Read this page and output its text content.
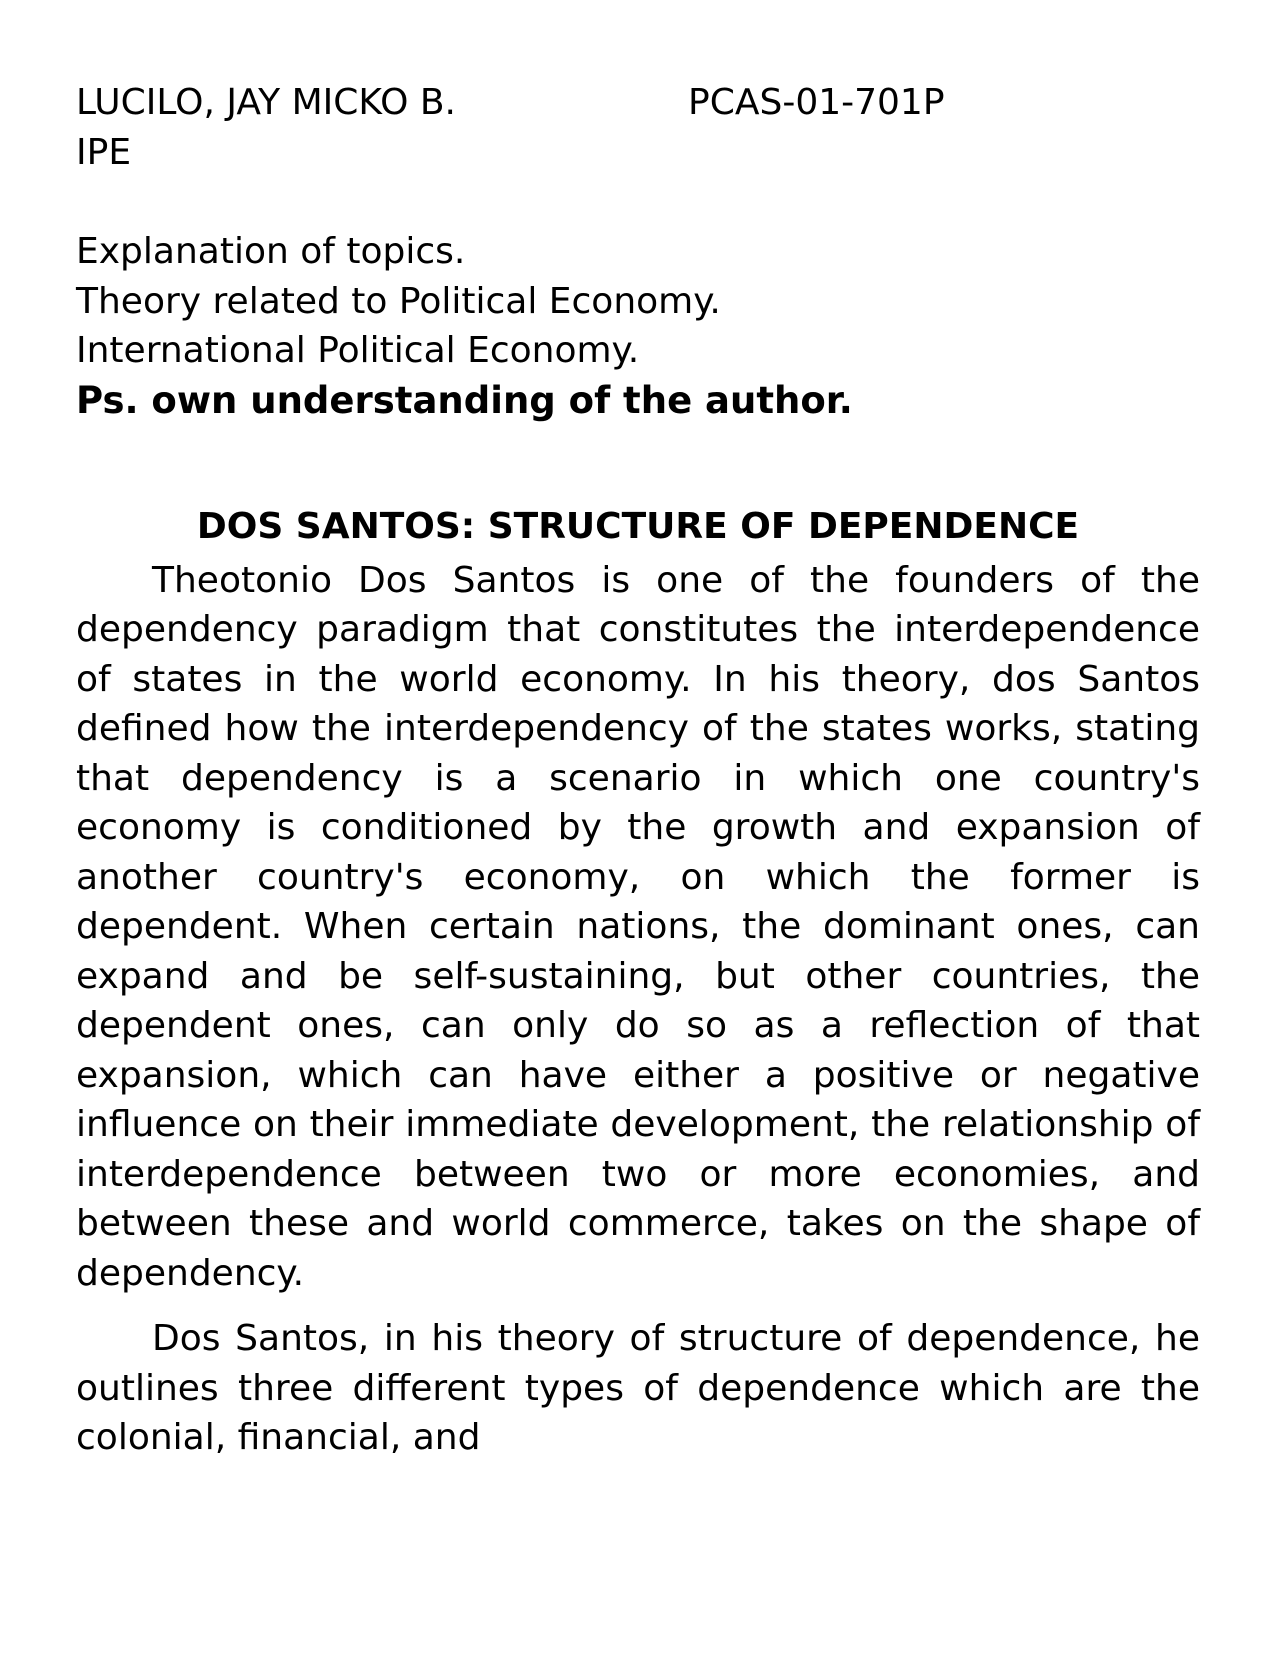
LUCILO, JAY MICKO B.	PCAS-01-701P
IPE
Explanation of topics.
Theory related to Political Economy.
International Political Economy.
Ps. own understanding of the author.
DOS SANTOS: STRUCTURE OF DEPENDENCE

Theotonio Dos Santos is one of the founders of the dependency paradigm that constitutes the interdependence of states in the world economy. In his theory, dos Santos defined how the interdependency of the states works, stating that dependency is a scenario in which one country's economy is conditioned by the growth and expansion of another country's economy, on which the former is dependent. When certain nations, the dominant ones, can expand and be self-sustaining, but other countries, the dependent ones, can only do so as a reflection of that expansion, which can have either a positive or negative influence on their immediate development, the relationship of interdependence between two or more economies, and between these and world commerce, takes on the shape of dependency.

Dos Santos, in his theory of structure of dependence, he outlines three different types of dependence which are the colonial, financial, and
